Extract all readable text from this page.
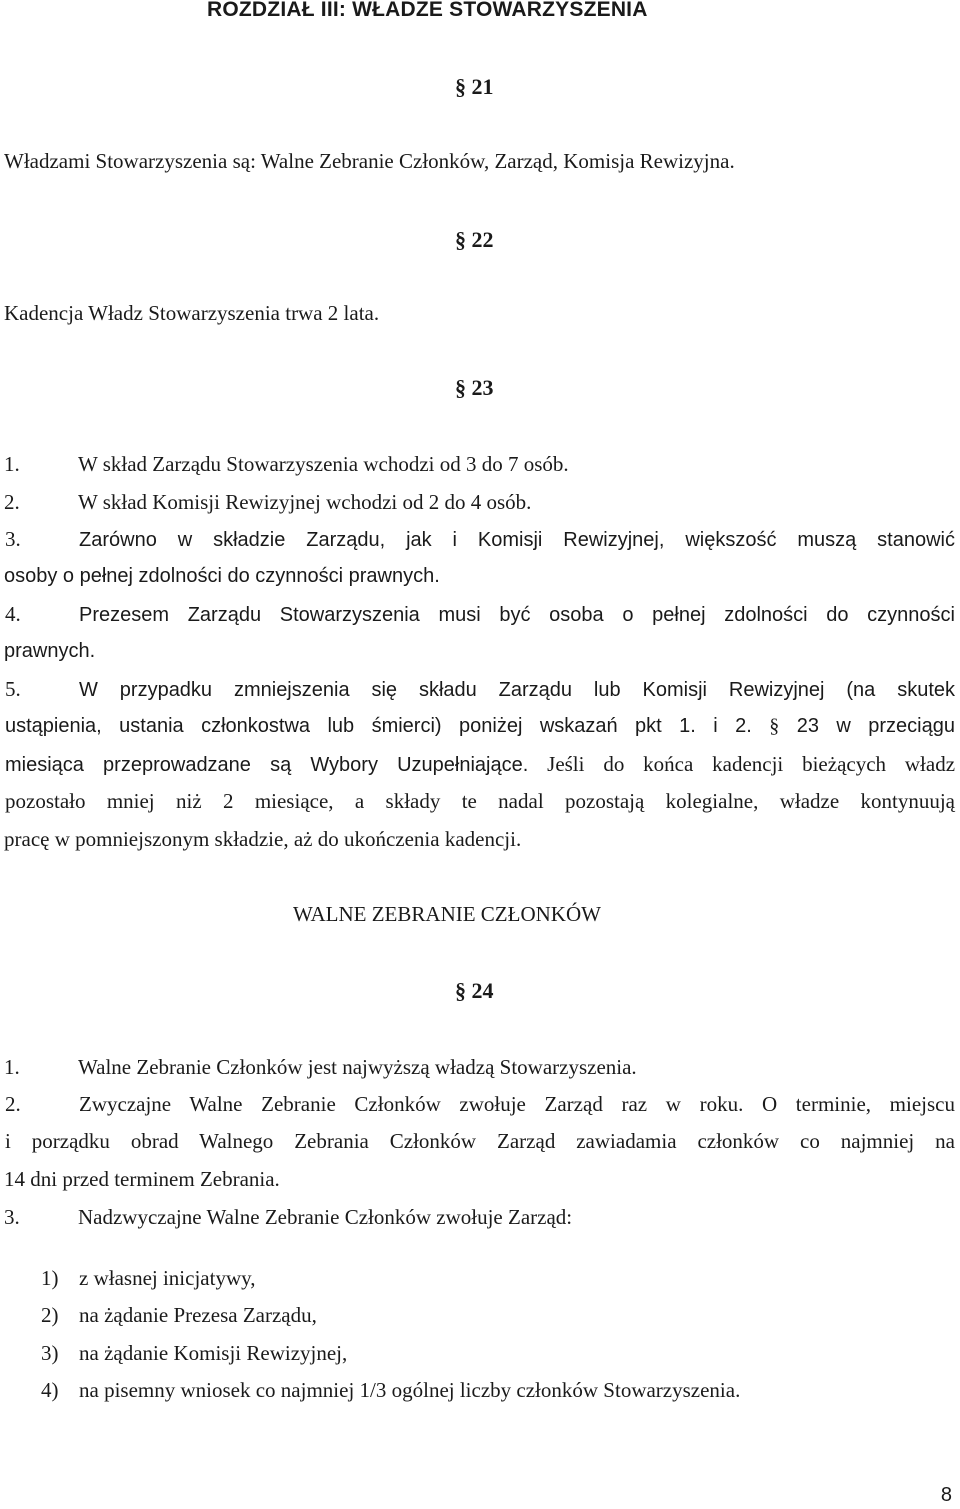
ROZDZIAŁ III: WŁADZE STOWARZYSZENIA
§ 21
Władzami Stowarzyszenia są: Walne Zebranie Członków, Zarząd, Komisja Rewizyjna.
§ 22
Kadencja Władz Stowarzyszenia trwa 2 lata.
§ 23
1.	W skład Zarządu Stowarzyszenia wchodzi od 3 do 7 osób.
2.	W skład Komisji Rewizyjnej wchodzi od 2 do 4 osób.
3.	Zarówno w składzie Zarządu, jak i Komisji Rewizyjnej, większość muszą stanowić
osoby o pełnej zdolności do czynności prawnych.
4.	Prezesem Zarządu Stowarzyszenia musi być osoba o pełnej zdolności do czynności
prawnych.
5.	W przypadku zmniejszenia się składu Zarządu lub Komisji Rewizyjnej (na skutek
ustąpienia, ustania członkostwa lub śmierci) poniżej wskazań pkt 1. i 2. § 23 w przeciągu
miesiąca przeprowadzane są Wybory Uzupełniające. Jeśli do końca kadencji bieżących władz
pozostało mniej niż 2 miesiące, a składy te nadal pozostają kolegialne, władze kontynuują
pracę w pomniejszonym składzie, aż do ukończenia kadencji.
WALNE ZEBRANIE CZŁONKÓW
§ 24
1.	Walne Zebranie Członków jest najwyższą władzą Stowarzyszenia.
2.	Zwyczajne Walne Zebranie Członków zwołuje Zarząd raz w roku. O terminie, miejscu
i porządku obrad Walnego Zebrania Członków Zarząd zawiadamia członków co najmniej na
14 dni przed terminem Zebrania.
3.	Nadzwyczajne Walne Zebranie Członków zwołuje Zarząd:
1) z własnej inicjatywy,
2) na żądanie Prezesa Zarządu,
3) na żądanie Komisji Rewizyjnej,
4) na pisemny wniosek co najmniej 1/3 ogólnej liczby członków Stowarzyszenia.
8
